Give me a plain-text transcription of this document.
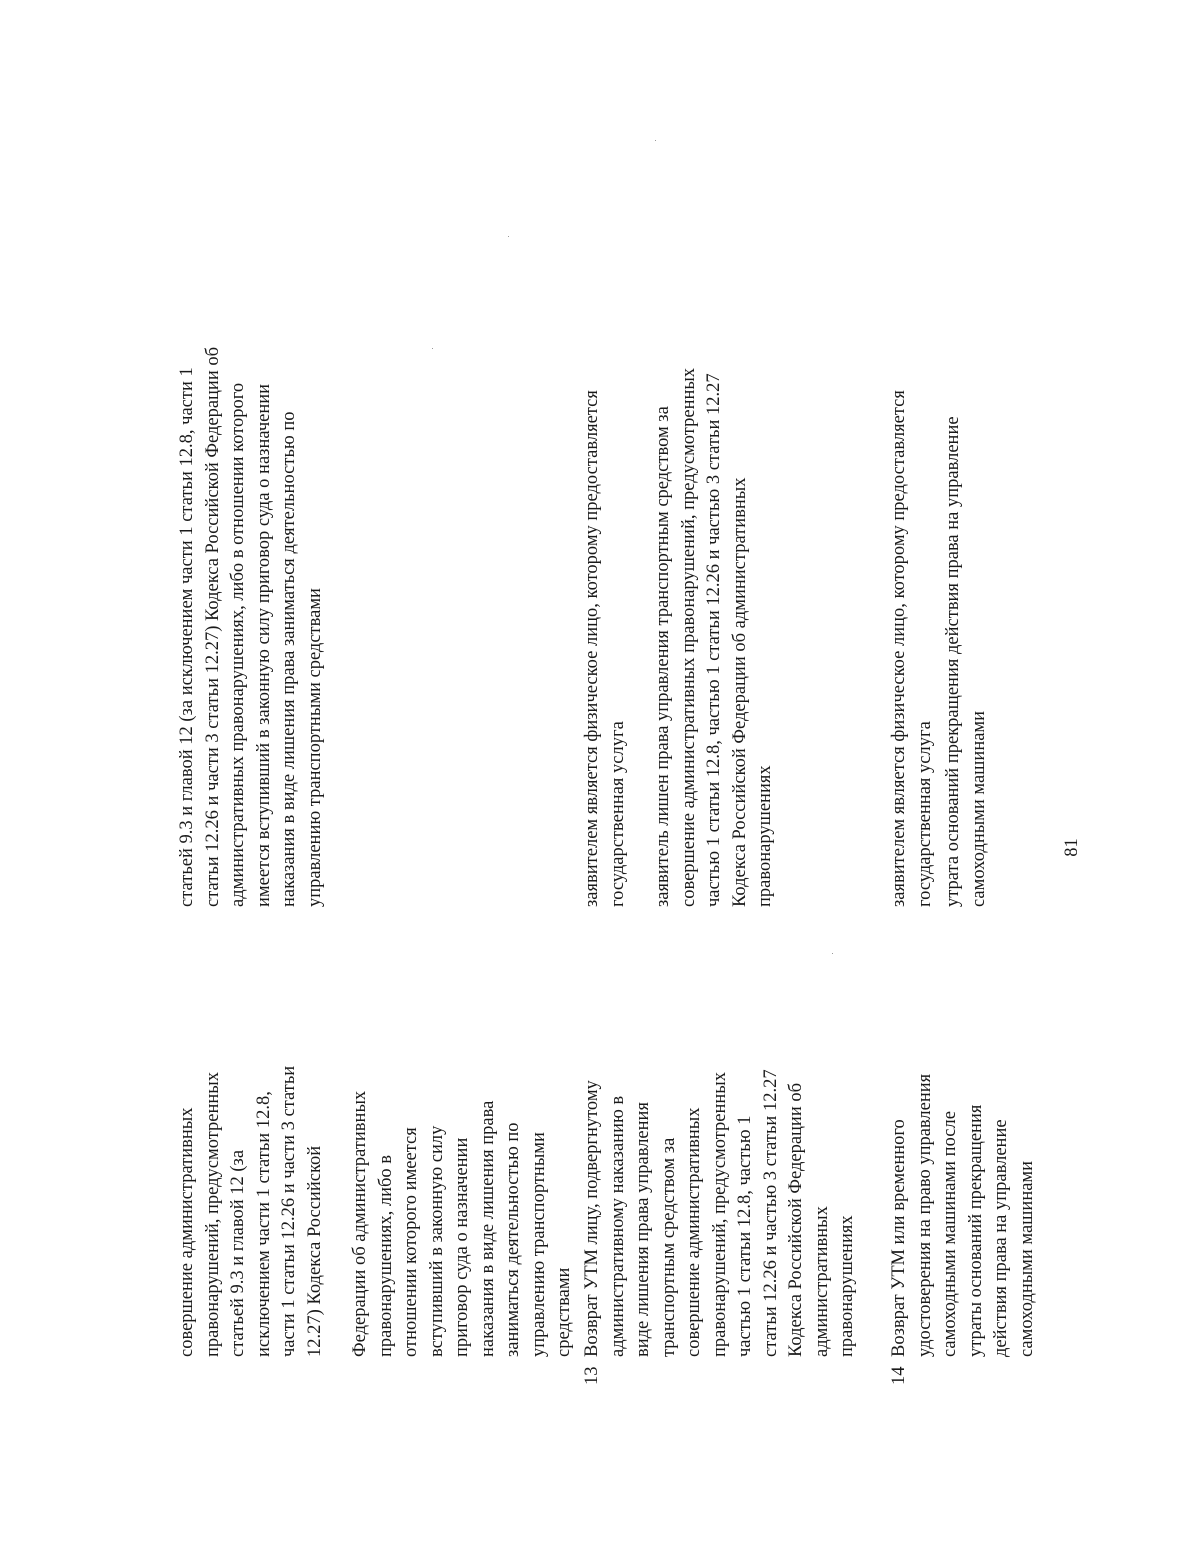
совершение административных
правонарушений, предусмотренных
статьей 9.3 и главой 12 (за
исключением части 1 статьи 12.8,
части 1 статьи 12.26 и части 3 статьи
12.27) Кодекса Российской

Федерации об административных
правонарушениях, либо в
отношении которого имеется
вступивший в законную силу
приговор суда о назначении
наказания в виде лишения права
заниматься деятельностью по
управлению транспортными
средствами

статьей 9.3 и главой 12 (за исключением части 1 статьи 12.8, части 1
статьи 12.26 и части 3 статьи 12.27) Кодекса Российской Федерации об
административных правонарушениях, либо в отношении которого
имеется вступивший в законную силу приговор суда о назначении
наказания в виде лишения права заниматься деятельностью по
управлению транспортными средствами

13

Возврат УТМ лицу, подвергнутому
административному наказанию в
виде лишения права управления
транспортным средством за
совершение административных
правонарушений, предусмотренных
частью 1 статьи 12.8, частью 1
статьи 12.26 и частью 3 статьи 12.27
Кодекса Российской Федерации об
административных
правонарушениях

заявителем является физическое лицо, которому предоставляется
государственная услуга

заявитель лишен права управления транспортным средством за
совершение административных правонарушений, предусмотренных
частью 1 статьи 12.8, частью 1 статьи 12.26 и частью 3 статьи 12.27
Кодекса Российской Федерации об административных
правонарушениях

14

Возврат УТМ или временного
удостоверения на право управления
самоходными машинами после
утраты оснований прекращения
действия права на управление
самоходными машинами

заявителем является физическое лицо, которому предоставляется
государственная услуга

утрата оснований прекращения действия права на управление
самоходными машинами

81
